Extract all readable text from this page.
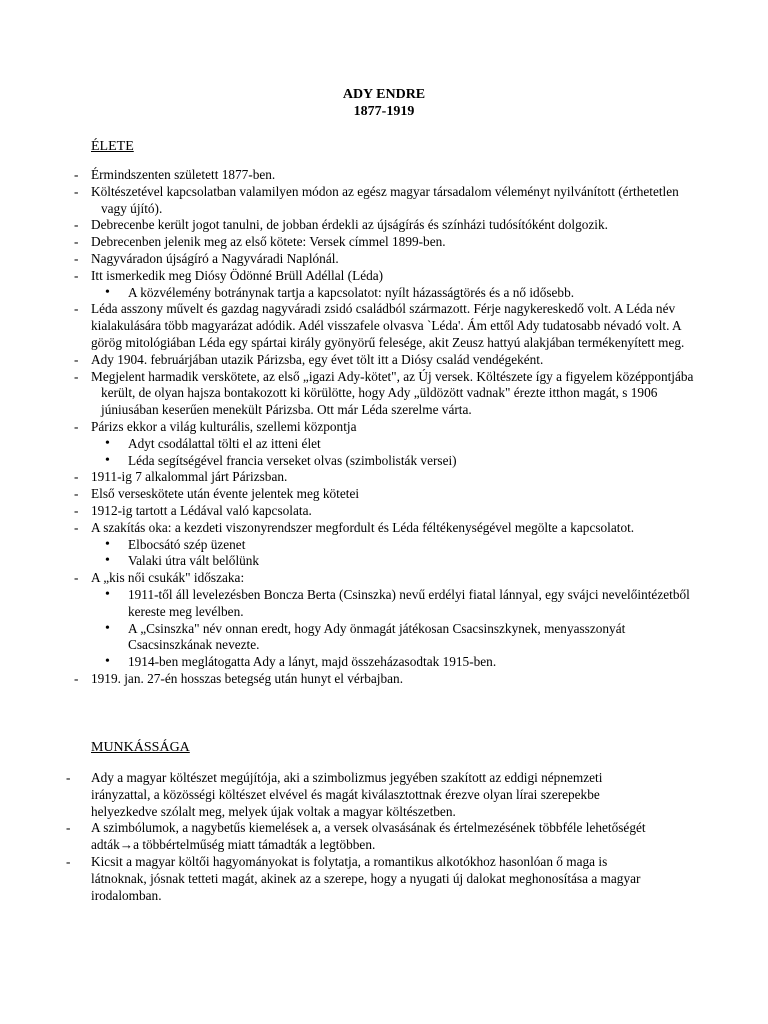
ADY ENDRE
1877-1919
ÉLETE
-
Érmindszenten született 1877-ben.
-
Költészetével kapcsolatban valamilyen módon az egész magyar társadalom véleményt nyilvánított (érthetetlen vagy újító).
-
Debrecenbe került jogot tanulni, de jobban érdekli az újságírás és színházi tudósítóként dolgozik.
-
Debrecenben jelenik meg az első kötete: Versek címmel 1899-ben.
-
Nagyváradon újságíró a Nagyváradi Naplónál.
-
Itt ismerkedik meg Diósy Ödönné Brüll Adéllal (Léda)
• A közvélemény botránynak tartja a kapcsolatot: nyílt házasságtörés és a nő idősebb.
-
Léda asszony művelt és gazdag nagyváradi zsidó családból származott. Férje nagykereskedő volt. A Léda név kialakulására több magyarázat adódik. Adél visszafele olvasva `Léda'. Ám ettől Ady tudatosabb névadó volt. A görög mitológiában Léda egy spártai király gyönyörű felesége, akit Zeusz hattyú alakjában termékenyített meg.
-
Ady 1904. februárjában utazik Párizsba, egy évet tölt itt a Diósy család vendégeként.
-
Megjelent harmadik verskötete, az első „igazi Ady-kötet", az Új versek. Költészete így a figyelem középpontjába került, de olyan hajsza bontakozott ki körülötte, hogy Ady „üldözött vadnak" érezte itthon magát, s 1906 júniusában keserűen menekült Párizsba. Ott már Léda szerelme várta.
-
Párizs ekkor a világ kulturális, szellemi központja
• Adyt csodálattal tölti el az itteni élet
• Léda segítségével francia verseket olvas (szimbolisták versei)
-
1911-ig 7 alkalommal járt Párizsban.
-
Első verseskötete után évente jelentek meg kötetei
-
1912-ig tartott a Lédával való kapcsolata.
-
A szakítás oka: a kezdeti viszonyrendszer megfordult és Léda féltékenységével megölte a kapcsolatot.
• Elbocsátó szép üzenet
• Valaki útra vált belőlünk
-
A „kis női csukák" időszaka:
• 1911-től áll levelezésben Boncza Berta (Csinszka) nevű erdélyi fiatal lánnyal, egy svájci nevelőintézetből kereste meg levélben.
• A „Csinszka" név onnan eredt, hogy Ady önmagát játékosan Csacsinszkynek, menyasszonyát Csacsinszkának nevezte.
• 1914-ben meglátogatta Ady a lányt, majd összeházasodtak 1915-ben.
-
1919. jan. 27-én hosszas betegség után hunyt el vérbajban.
MUNKÁSSÁGA
- Ady a magyar költészet megújítója, aki a szimbolizmus jegyében szakított az eddigi népnemzeti irányzattal, a közösségi költészet elvével és magát kiválasztottnak érezve olyan lírai szerepekbe helyezkedve szólalt meg, melyek újak voltak a magyar költészetben.
- A szimbólumok, a nagybetűs kiemelések a, a versek olvasásának és értelmezésének többféle lehetőségét adták→a többértelműség miatt támadták a legtöbben.
- Kicsit a magyar költői hagyományokat is folytatja, a romantikus alkotókhoz hasonlóan ő maga is látnoknak, jósnak tetteti magát, akinek az a szerepe, hogy a nyugati új dalokat meghonosítása a magyar irodalomban.
